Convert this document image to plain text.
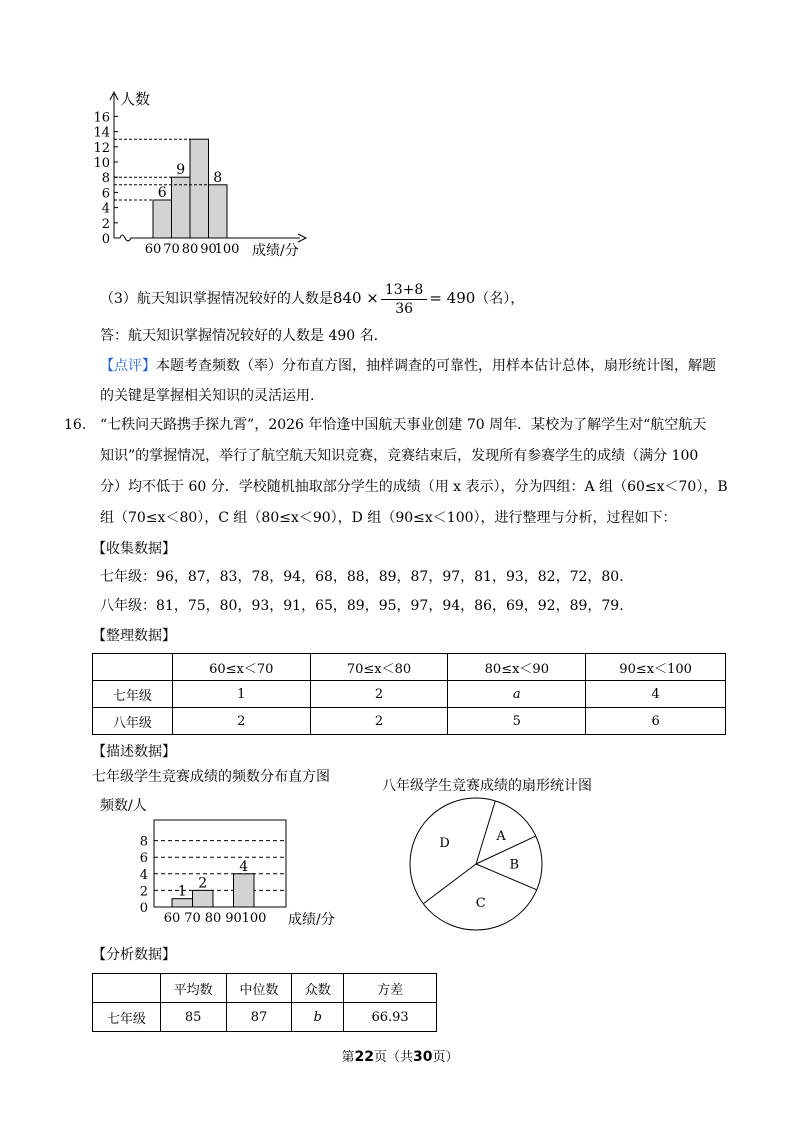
人数
0
2
4
6
8
10
12
14
16
6
9 8
60 70 80 90
100 成绩/分
（3）航天知识掌握情况较好的人数是$840 \times \frac{13+8}{36} = 490$（名），
答：航天知识掌握情况较好的人数是 490 名.
【点评】本题考查频数（率）分布直方图，抽样调查的可靠性，用样本估计总体，扇形统计图，解题
的关键是掌握相关知识的灵活运用.
16. “七秩问天路携手探九霄”，2026 年恰逢中国航天事业创建 70 周年．某校为了解学生对“航空航天
知识”的掌握情况，举行了航空航天知识竞赛，竞赛结束后，发现所有参赛学生的成绩（满分 100
分）均不低于 60 分．学校随机抽取部分学生的成绩（用 x 表示），分为四组：A 组（60≤x＜70），B
组（70≤x＜80），C 组（80≤x＜90），D 组（90≤x＜100），进行整理与分析，过程如下：
【收集数据】
七年级：96，87，83，78，94，68，88，89，87，97，81，93，82，72，80.
八年级：81，75，80，93，91，65，89，95，97，94，86，69，92，89，79.
【整理数据】
	60≤x＜70	70≤x＜80	80≤x＜90	90≤x＜100
七年级	1	2	a	4
八年级	2	2	5	6
【描述数据】
七年级学生竞赛成绩的频数分布直方图
八年级学生竞赛成绩的扇形统计图
频数/人
0
2
4
6
8
1
2
4
60 70 80 90 100 成绩/分
A
B
C
D
【分析数据】
	平均数	中位数	众数	方差
七年级	85	87	b	66.93
第22页（共30页）
